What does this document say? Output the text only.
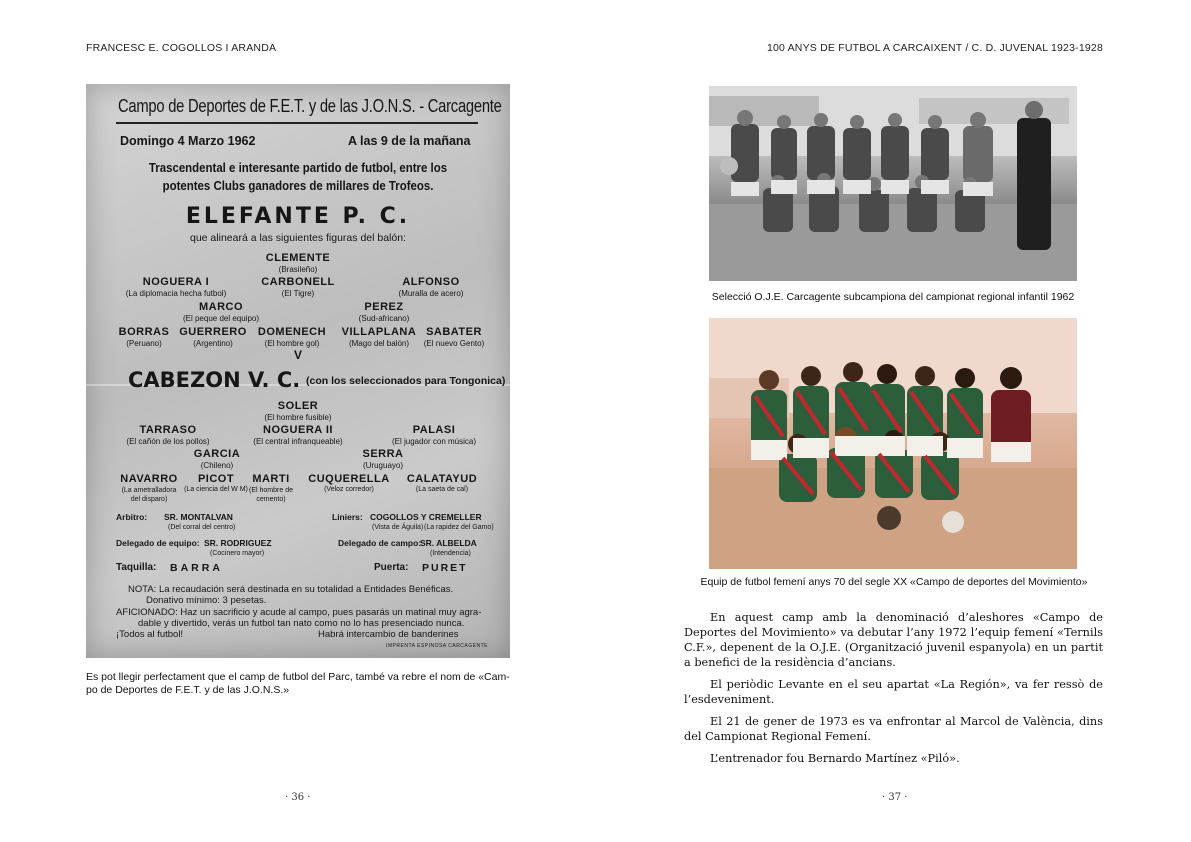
FRANCESC E. COGOLLOS I ARANDA
Campo de Deportes de F.E.T. y de las J.O.N.S. - Carcagente
Domingo 4 Marzo 1962	A las 9 de la mañana
Trascendental e interesante partido de futbol, entre los
potentes Clubs ganadores de millares de Trofeos.
ELEFANTE P. C.
que alineará a las siguientes figuras del balón:
CLEMENTE
(Brasileño)
NOGUERA I
(La diplomacia hecha futbol)
CARBONELL
(El Tigre)
ALFONSO
(Muralla de acero)
MARCO
(El peque del equipo)
PEREZ
(Sud-africano)
BORRAS
(Peruano)
GUERRERO
(Argentino)
DOMENECH
(El hombre gol)
VILLAPLANA
(Mago del balón)
SABATER
(El nuevo Gento)
V
CABEZON V. C. (con los seleccionados para Tongonica)
SOLER
(El hombre fusible)
TARRASO
(El cañón de los pollos)
NOGUERA II
(El central infranqueable)
PALASI
(El jugador con música)
GARCIA
(Chileno)
SERRA
(Uruguayo)
NAVARRO
(La ametralladora del disparo)
PICOT
(La ciencia del W M)
MARTI
(El hombre de cemento)
CUQUERELLA
(Veloz corredor)
CALATAYUD
(La saeta de cal)
Arbitro: SR. MONTALVAN
(Del corral del centro)
Liniers: COGOLLOS Y CREMELLER
(Vista de Águila) (La rapidez del Gamo)
Delegado de equipo: SR. RODRIGUEZ
(Cocinero mayor)
Delegado de campo:
SR. ALBELDA
(Intendencia)
Taquilla: BARRA	Puerta: PURET
NOTA: La recaudación será destinada en su totalidad a Entidades Benéficas.
Donativo mínimo: 3 pesetas.
AFICIONADO: Haz un sacrificio y acude al campo, pues pasarás un matinal muy agra-
dable y divertido, verás un futbol tan nato como no lo has presenciado nunca.
¡Todos al futbol!	Habrá intercambio de banderines
IMPRENTA ESPINOSA CARCAGENTE
Es pot llegir perfectament que el camp de futbol del Parc, també va rebre el nom de «Cam-
po de Deportes de F.E.T. y de las J.O.N.S.»
· 36 ·
100 ANYS DE FUTBOL A CARCAIXENT / C. D. JUVENAL 1923-1928
Selecció O.J.E. Carcagente subcampiona del campionat regional infantil 1962
Equip de futbol femení anys 70 del segle XX «Campo de deportes del Movimiento»

En aquest camp amb la denominació d’aleshores «Campo de Deportes del Movimiento» va debutar l’any 1972 l’equip femení «Ternils C.F.», depenent de la O.J.E. (Organització juvenil espanyola) en un partit a benefici de la residència d’ancians.

El periòdic Levante en el seu apartat «La Región», va fer ressò de l’esdeveniment.

El 21 de gener de 1973 es va enfrontar al Marcol de València, dins del Campionat Regional Femení.

L’entrenador fou Bernardo Martínez «Piló».

· 37 ·
